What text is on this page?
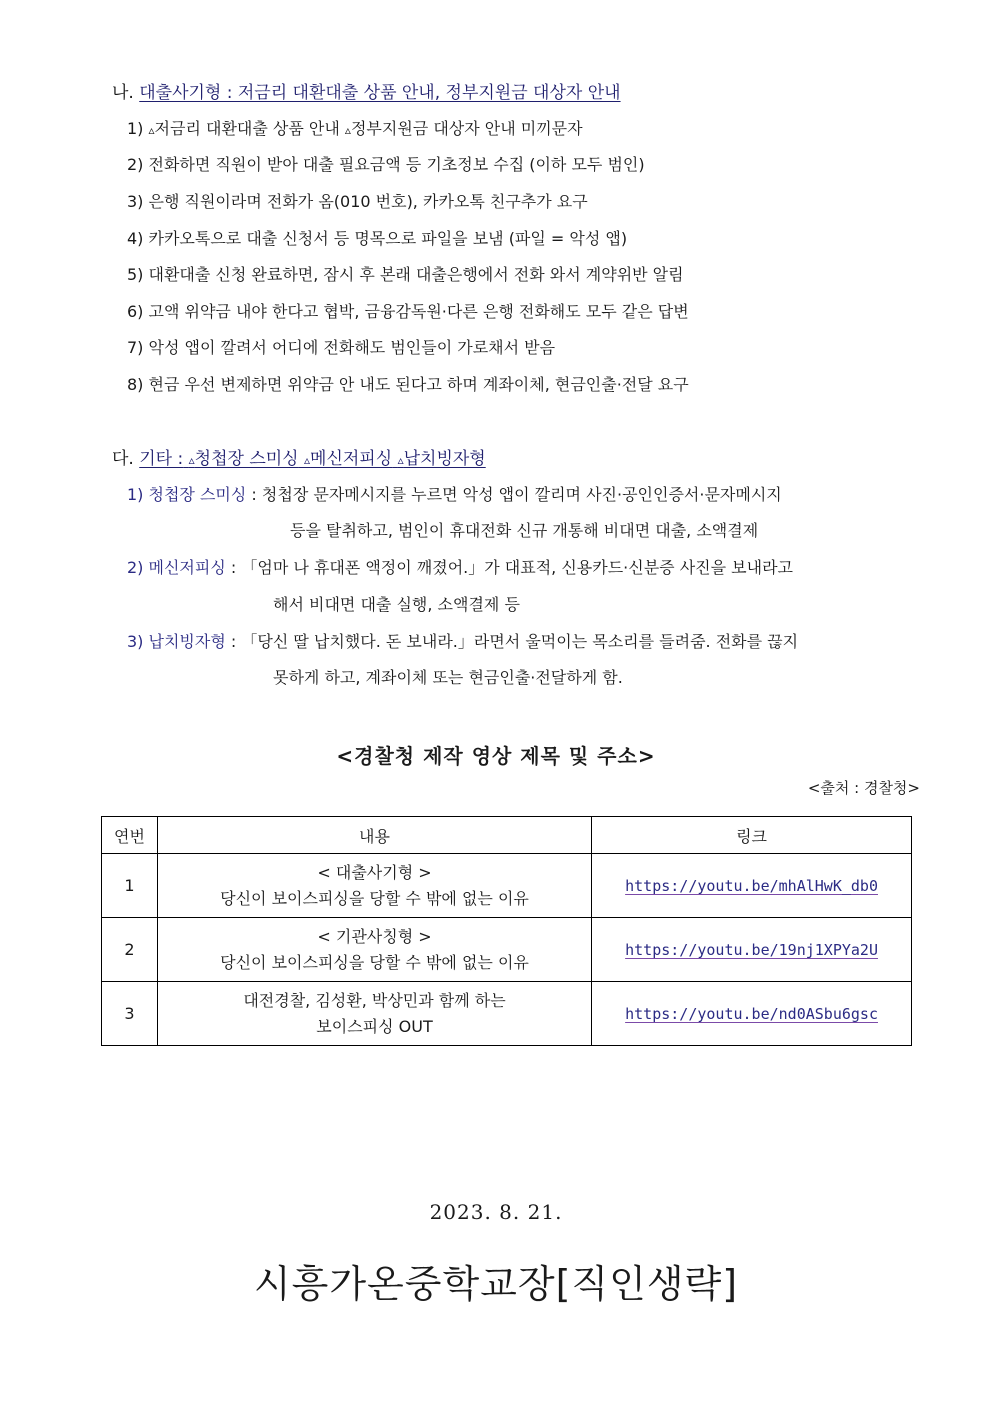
나. 대출사기형 : 저금리 대환대출 상품 안내, 정부지원금 대상자 안내
1) ▵저금리 대환대출 상품 안내 ▵정부지원금 대상자 안내 미끼문자
2) 전화하면 직원이 받아 대출 필요금액 등 기초정보 수집 (이하 모두 범인)
3) 은행 직원이라며 전화가 옴(010 번호), 카카오톡 친구추가 요구
4) 카카오톡으로 대출 신청서 등 명목으로 파일을 보냄 (파일 = 악성 앱)
5) 대환대출 신청 완료하면, 잠시 후 본래 대출은행에서 전화 와서 계약위반 알림
6) 고액 위약금 내야 한다고 협박, 금융감독원·다른 은행 전화해도 모두 같은 답변
7) 악성 앱이 깔려서 어디에 전화해도 범인들이 가로채서 받음
8) 현금 우선 변제하면 위약금 안 내도 된다고 하며 계좌이체, 현금인출·전달 요구
다. 기타 : ▵청첩장 스미싱 ▵메신저피싱 ▵납치빙자형
1) 청첩장 스미싱 : 청첩장 문자메시지를 누르면 악성 앱이 깔리며 사진·공인인증서·문자메시지
등을 탈취하고, 범인이 휴대전화 신규 개통해 비대면 대출, 소액결제
2) 메신저피싱 : 「엄마 나 휴대폰 액정이 깨졌어.」가 대표적, 신용카드·신분증 사진을 보내라고
해서 비대면 대출 실행, 소액결제 등
3) 납치빙자형 : 「당신 딸 납치했다. 돈 보내라.」라면서 울먹이는 목소리를 들려줌. 전화를 끊지
못하게 하고, 계좌이체 또는 현금인출·전달하게 함.
<경찰청 제작 영상 제목 및 주소>
<출처 : 경찰청>
연번	내용	링크
1	< 대출사기형 >
당신이 보이스피싱을 당할 수 밖에 없는 이유	https://youtu.be/mhAlHwK_db0
2	< 기관사칭형 >
당신이 보이스피싱을 당할 수 밖에 없는 이유	https://youtu.be/19nj1XPYa2U
3	대전경찰, 김성환, 박상민과 함께 하는
보이스피싱 OUT	https://youtu.be/nd0ASbu6gsc
2023. 8. 21.
시흥가온중학교장[직인생략]
